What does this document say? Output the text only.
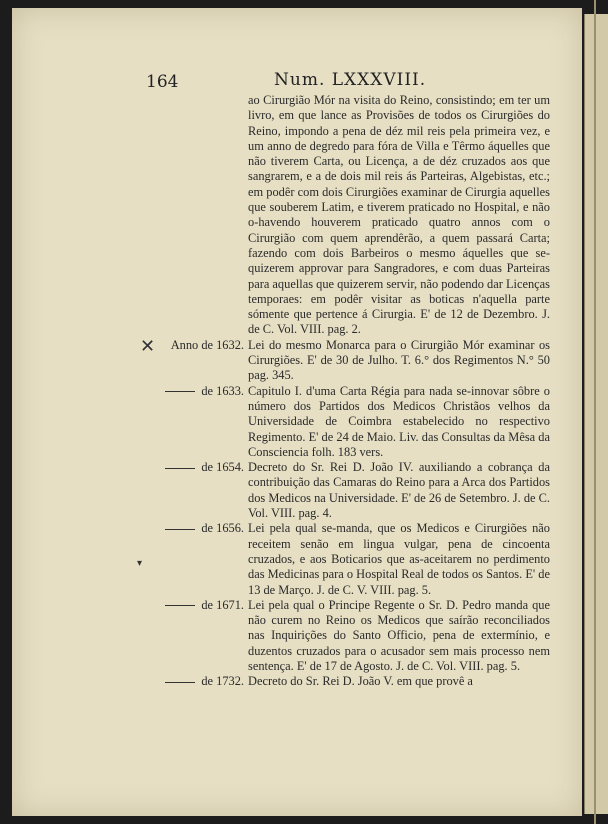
164	Num. LXXXVIII.
✕
▾
ao Cirurgião Mór na visita do Reino, consistindo; em ter um livro, em que lance as Provisões de todos os Cirurgiões do Reino, impondo a pena de déz mil reis pela primeira vez, e um anno de degredo para fóra de Villa e Têrmo áquelles que não tiverem Carta, ou Licença, a de déz cruzados aos que sangrarem, e a de dois mil reis ás Parteiras, Algebistas, etc.; em podêr com dois Cirurgiões examinar de Cirurgia aquelles que souberem Latim, e tiverem praticado no Hospital, e não o-havendo houverem praticado quatro annos com o Cirurgião com quem aprendêrão, a quem passará Carta; fazendo com dois Barbeiros o mesmo áquelles que se-quizerem approvar para Sangradores, e com duas Parteiras para aquellas que quizerem servir, não podendo dar Licenças temporaes: em podêr visitar as boticas n'aquella parte sómente que pertence á Cirurgia. E' de 12 de Dezembro. J. de C. Vol. VIII. pag. 2.
Anno de 1632. Lei do mesmo Monarca para o Cirurgião Mór examinar os Cirurgiões. E' de 30 de Julho. T. 6.° dos Regimentos N.° 50 pag. 345.
de 1633. Capitulo I. d'uma Carta Régia para nada se-innovar sôbre o número dos Partidos dos Medicos Christãos velhos da Universidade de Coimbra estabelecido no respectivo Regimento. E' de 24 de Maio. Liv. das Consultas da Mêsa da Consciencia folh. 183 vers.
de 1654. Decreto do Sr. Rei D. João IV. auxiliando a cobrança da contribuição das Camaras do Reino para a Arca dos Partidos dos Medicos na Universidade. E' de 26 de Setembro. J. de C. Vol. VIII. pag. 4.
de 1656. Lei pela qual se-manda, que os Medicos e Cirurgiões não receitem senão em lingua vulgar, pena de cincoenta cruzados, e aos Boticarios que as-aceitarem no perdimento das Medicinas para o Hospital Real de todos os Santos. E' de 13 de Março. J. de C. V. VIII. pag. 5.
de 1671. Lei pela qual o Principe Regente o Sr. D. Pedro manda que não curem no Reino os Medicos que saírão reconciliados nas Inquirições do Santo Officio, pena de extermínio, e duzentos cruzados para o acusador sem mais processo nem sentença. E' de 17 de Agosto. J. de C. Vol. VIII. pag. 5.
de 1732. Decreto do Sr. Rei D. João V. em que provê a
